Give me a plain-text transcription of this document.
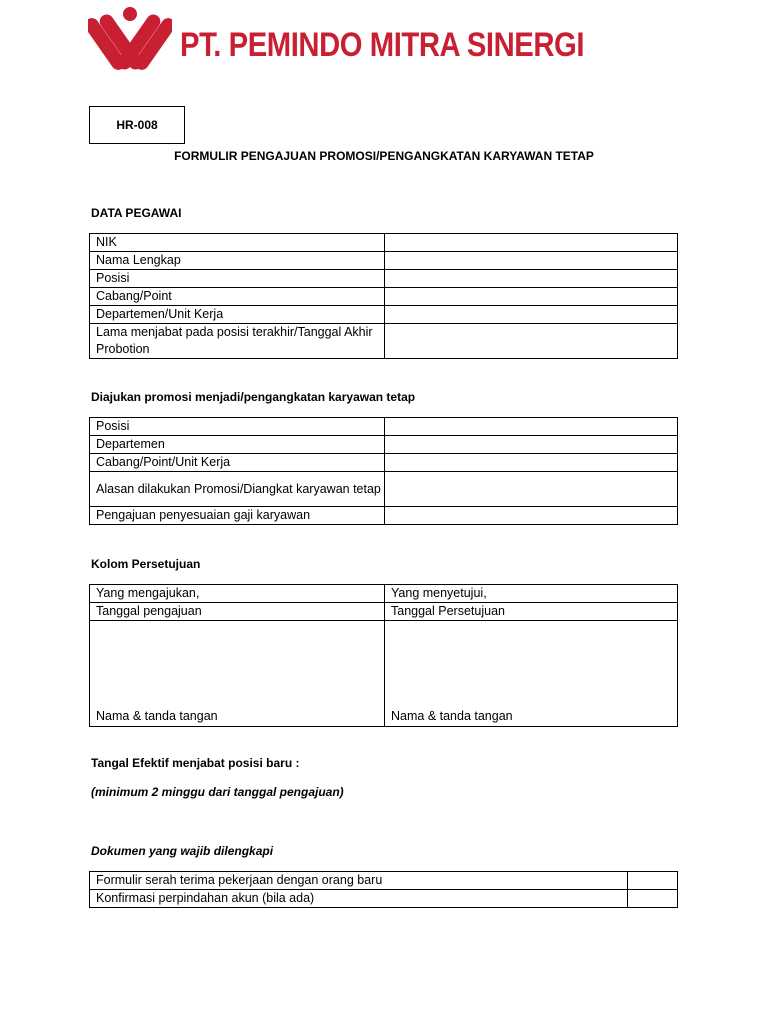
PT. PEMINDO MITRA SINERGI
HR-008
FORMULIR PENGAJUAN PROMOSI/PENGANGKATAN KARYAWAN TETAP
DATA PEGAWAI
NIK	
Nama Lengkap	
Posisi	
Cabang/Point	
Departemen/Unit Kerja	
Lama menjabat pada posisi terakhir/Tanggal Akhir Probotion	
Diajukan promosi menjadi/pengangkatan karyawan tetap
Posisi	
Departemen	
Cabang/Point/Unit Kerja	
Alasan dilakukan Promosi/Diangkat karyawan tetap	
Pengajuan penyesuaian gaji karyawan	
Kolom Persetujuan
Yang mengajukan,	Yang menyetujui,
Tanggal pengajuan	Tanggal Persetujuan
Nama & tanda tangan	Nama & tanda tangan
Tangal Efektif menjabat posisi baru :
(minimum 2 minggu dari tanggal pengajuan)
Dokumen yang wajib dilengkapi
Formulir serah terima pekerjaan dengan orang baru	
Konfirmasi perpindahan akun (bila ada)	
